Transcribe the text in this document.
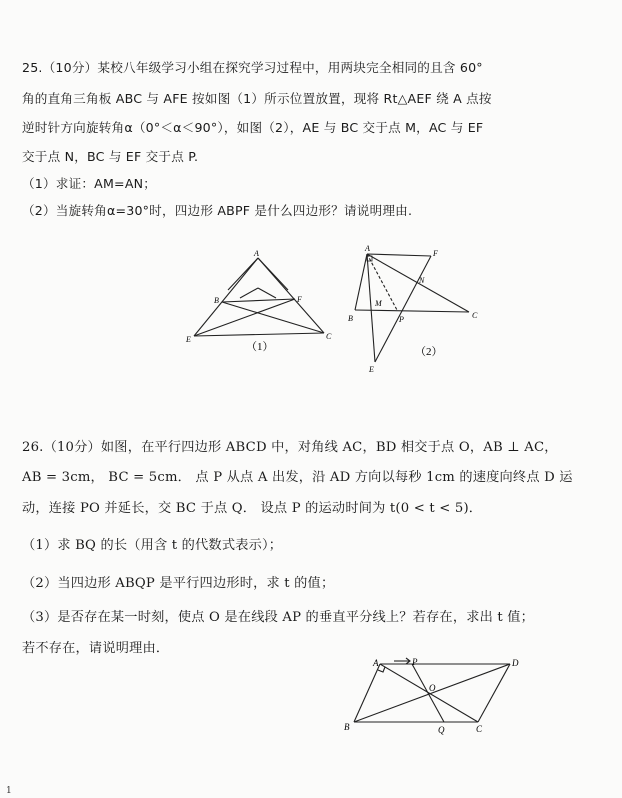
25.（10分）某校八年级学习小组在探究学习过程中，用两块完全相同的且含 60°
角的直角三角板 ABC 与 AFE 按如图（1）所示位置放置，现将 Rt△AEF 绕 A 点按
逆时针方向旋转角α（0°＜α＜90°），如图（2），AE 与 BC 交于点 M，AC 与 EF
交于点 N，BC 与 EF 交于点 P.
（1）求证：AM=AN；
（2）当旋转角α=30°时，四边形 ABPF 是什么四边形？请说明理由.
A
B	F
E	C
（1）
A
F
N
M
B	P	C
E
（2）
26.（10分）如图，在平行四边形 ABCD 中，对角线 AC，BD 相交于点 O，AB ⊥ AC，
AB = 3cm， BC = 5cm． 点 P 从点 A 出发，沿 AD 方向以每秒 1cm 的速度向终点 D 运
动，连接 PO 并延长，交 BC 于点 Q． 设点 P 的运动时间为 t(0 < t < 5)．
（1）求 BQ 的长（用含 t 的代数式表示）；
（2）当四边形 ABQP 是平行四边形时，求 t 的值；
（3）是否存在某一时刻，使点 O 是在线段 AP 的垂直平分线上？若存在，求出 t 值；
若不存在，请说明理由．
A	P	D
O
B	Q	C
1
